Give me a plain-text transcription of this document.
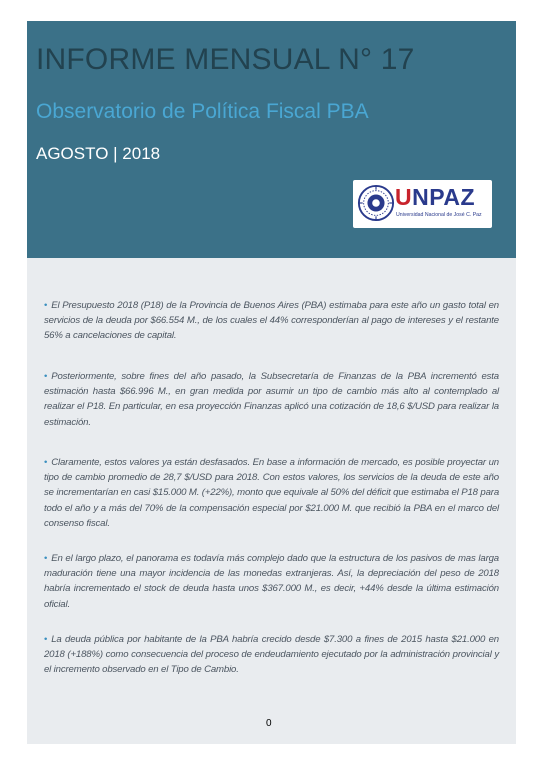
INFORME MENSUAL N° 17
Observatorio de Política Fiscal PBA
AGOSTO | 2018
UNPAZ
Universidad Nacional de José C. Paz
• El Presupuesto 2018 (P18) de la Provincia de Buenos Aires (PBA) estimaba para este año un gasto total en servicios de la deuda por $66.554 M., de los cuales el 44% corresponderían al pago de intereses y el restante 56% a cancelaciones de capital.
• Posteriormente, sobre fines del año pasado, la Subsecretaría de Finanzas de la PBA incrementó esta estimación hasta $66.996 M., en gran medida por asumir un tipo de cambio más alto al contemplado al realizar el P18. En particular, en esa proyección Finanzas aplicó una cotización de 18,6 $/USD para realizar la estimación.
• Claramente, estos valores ya están desfasados. En base a información de mercado, es posible proyectar un tipo de cambio promedio de 28,7 $/USD para 2018. Con estos valores, los servicios de la deuda de este año se incrementarían en casi $15.000 M. (+22%), monto que equivale al 50% del déficit que estimaba el P18 para todo el año y a más del 70% de la compensación especial por $21.000 M. que recibió la PBA en el marco del consenso fiscal.
• En el largo plazo, el panorama es todavía más complejo dado que la estructura de los pasivos de mas larga maduración tiene una mayor incidencia de las monedas extranjeras. Así, la depreciación del peso de 2018 habría incrementado el stock de deuda hasta unos $367.000 M., es decir, +44% desde la última estimación oficial.
• La deuda pública por habitante de la PBA habría crecido desde $7.300 a fines de 2015 hasta $21.000 en 2018 (+188%) como consecuencia del proceso de endeudamiento ejecutado por la administración provincial y el incremento observado en el Tipo de Cambio.
0
